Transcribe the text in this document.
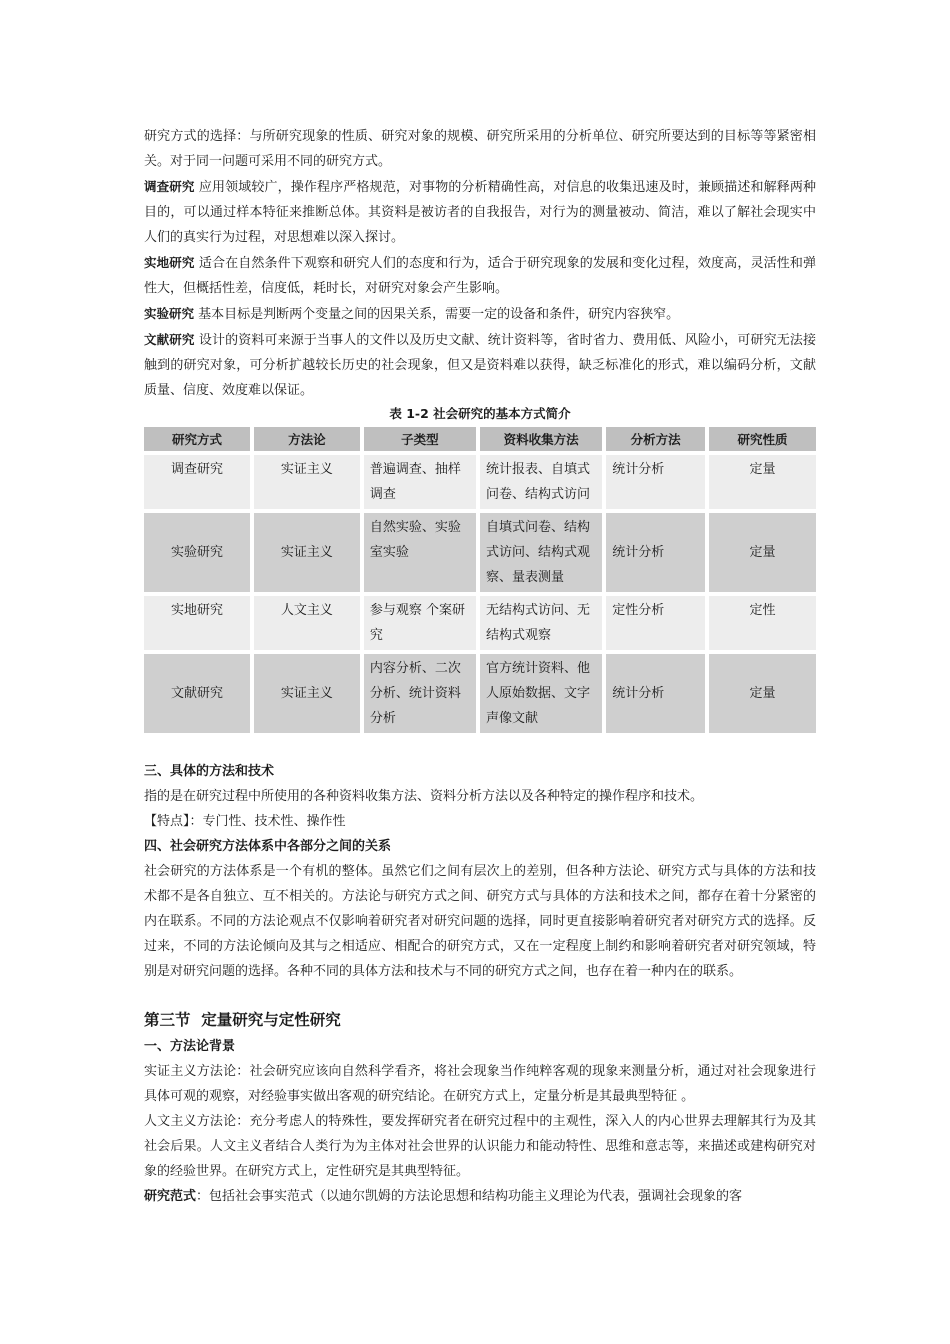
研究方式的选择：与所研究现象的性质、研究对象的规模、研究所采用的分析单位、研究所要达到的目标等等紧密相关。对于同一问题可采用不同的研究方式。

调查研究 应用领域较广，操作程序严格规范，对事物的分析精确性高，对信息的收集迅速及时，兼顾描述和解释两种目的，可以通过样本特征来推断总体。其资料是被访者的自我报告，对行为的测量被动、简洁，难以了解社会现实中人们的真实行为过程，对思想难以深入探讨。

实地研究 适合在自然条件下观察和研究人们的态度和行为，适合于研究现象的发展和变化过程，效度高，灵活性和弹性大，但概括性差，信度低，耗时长，对研究对象会产生影响。

实验研究 基本目标是判断两个变量之间的因果关系，需要一定的设备和条件，研究内容狭窄。

文献研究 设计的资料可来源于当事人的文件以及历史文献、统计资料等，省时省力、费用低、风险小，可研究无法接触到的研究对象，可分析扩越较长历史的社会现象，但又是资料难以获得，缺乏标准化的形式，难以编码分析，文献质量、信度、效度难以保证。

表 1-2 社会研究的基本方式简介

研究方式	方法论	子类型	资料收集方法	分析方法	研究性质
调查研究	实证主义	普遍调查、抽样调查	统计报表、自填式问卷、结构式访问	统计分析	定量
实验研究	实证主义	自然实验、实验室实验	自填式问卷、结构式访问、结构式观察、量表测量	统计分析	定量
实地研究	人文主义	参与观察 个案研究	无结构式访问、无结构式观察	定性分析	定性
文献研究	实证主义	内容分析、二次分析、统计资料分析	官方统计资料、他人原始数据、文字声像文献	统计分析	定量

三、具体的方法和技术

指的是在研究过程中所使用的各种资料收集方法、资料分析方法以及各种特定的操作程序和技术。

【特点】：专门性、技术性、操作性

四、社会研究方法体系中各部分之间的关系

社会研究的方法体系是一个有机的整体。虽然它们之间有层次上的差别，但各种方法论、研究方式与具体的方法和技术都不是各自独立、互不相关的。方法论与研究方式之间、研究方式与具体的方法和技术之间，都存在着十分紧密的内在联系。不同的方法论观点不仅影响着研究者对研究问题的选择，同时更直接影响着研究者对研究方式的选择。反过来，不同的方法论倾向及其与之相适应、相配合的研究方式，又在一定程度上制约和影响着研究者对研究领域，特别是对研究问题的选择。各种不同的具体方法和技术与不同的研究方式之间，也存在着一种内在的联系。

第三节  定量研究与定性研究

一、方法论背景

实证主义方法论：社会研究应该向自然科学看齐，将社会现象当作纯粹客观的现象来测量分析，通过对社会现象进行具体可观的观察，对经验事实做出客观的研究结论。在研究方式上，定量分析是其最典型特征 。

人文主义方法论：充分考虑人的特殊性，要发挥研究者在研究过程中的主观性，深入人的内心世界去理解其行为及其社会后果。人文主义者结合人类行为为主体对社会世界的认识能力和能动特性、思维和意志等，来描述或建构研究对象的经验世界。在研究方式上，定性研究是其典型特征。

研究范式：包括社会事实范式（以迪尔凯姆的方法论思想和结构功能主义理论为代表，强调社会现象的客
